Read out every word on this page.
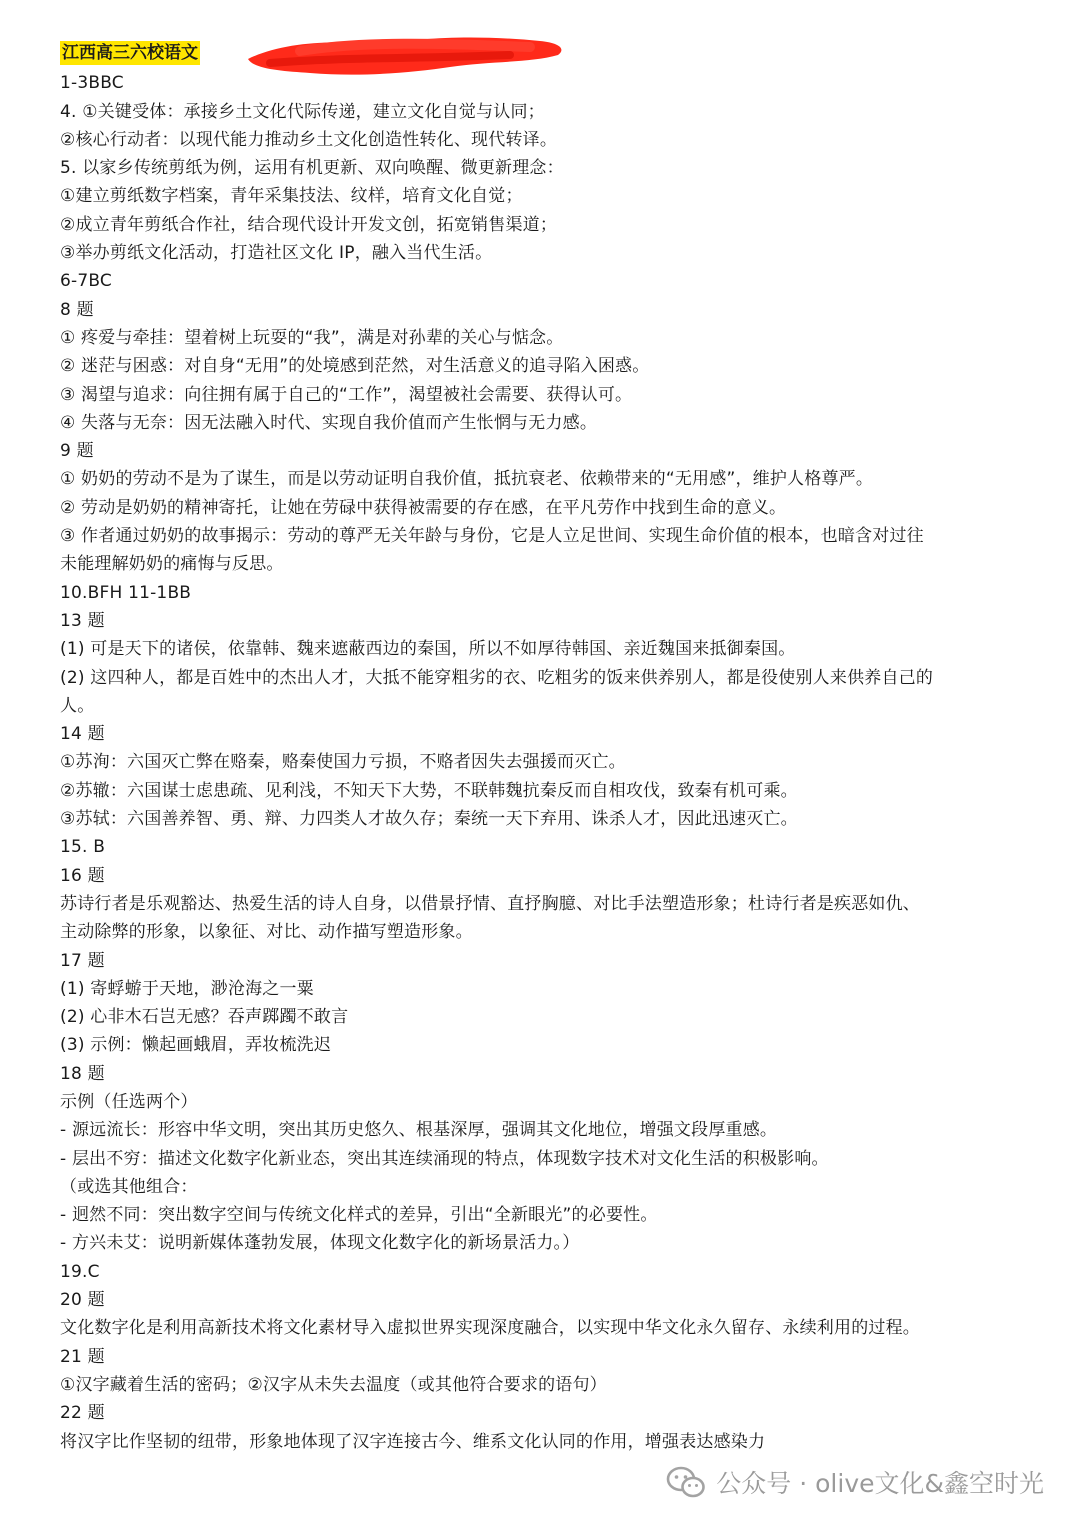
江西高三六校语文
1-3BBC
4. ①关键受体：承接乡土文化代际传递，建立文化自觉与认同；
②核心行动者：以现代能力推动乡土文化创造性转化、现代转译。
5. 以家乡传统剪纸为例，运用有机更新、双向唤醒、微更新理念：
①建立剪纸数字档案，青年采集技法、纹样，培育文化自觉；
②成立青年剪纸合作社，结合现代设计开发文创，拓宽销售渠道；
③举办剪纸文化活动，打造社区文化 IP，融入当代生活。
6-7BC
8 题
① 疼爱与牵挂：望着树上玩耍的“我”，满是对孙辈的关心与惦念。
② 迷茫与困惑：对自身“无用”的处境感到茫然，对生活意义的追寻陷入困惑。
③ 渴望与追求：向往拥有属于自己的“工作”，渴望被社会需要、获得认可。
④ 失落与无奈：因无法融入时代、实现自我价值而产生怅惘与无力感。
9 题
① 奶奶的劳动不是为了谋生，而是以劳动证明自我价值，抵抗衰老、依赖带来的“无用感”，维护人格尊严。
② 劳动是奶奶的精神寄托，让她在劳碌中获得被需要的存在感，在平凡劳作中找到生命的意义。
③ 作者通过奶奶的故事揭示：劳动的尊严无关年龄与身份，它是人立足世间、实现生命价值的根本，也暗含对过往
未能理解奶奶的痛悔与反思。
10.BFH 11-1BB
13 题
(1) 可是天下的诸侯，依靠韩、魏来遮蔽西边的秦国，所以不如厚待韩国、亲近魏国来抵御秦国。
(2) 这四种人，都是百姓中的杰出人才，大抵不能穿粗劣的衣、吃粗劣的饭来供养别人，都是役使别人来供养自己的
人。
14 题
①苏洵：六国灭亡弊在赂秦，赂秦使国力亏损，不赂者因失去强援而灭亡。
②苏辙：六国谋士虑患疏、见利浅，不知天下大势，不联韩魏抗秦反而自相攻伐，致秦有机可乘。
③苏轼：六国善养智、勇、辩、力四类人才故久存；秦统一天下弃用、诛杀人才，因此迅速灭亡。
15. B
16 题
苏诗行者是乐观豁达、热爱生活的诗人自身，以借景抒情、直抒胸臆、对比手法塑造形象；杜诗行者是疾恶如仇、
主动除弊的形象，以象征、对比、动作描写塑造形象。
17 题
(1) 寄蜉蝣于天地，渺沧海之一粟
(2) 心非木石岂无感？吞声踯躅不敢言
(3) 示例：懒起画蛾眉，弄妆梳洗迟
18 题
示例（任选两个）
- 源远流长：形容中华文明，突出其历史悠久、根基深厚，强调其文化地位，增强文段厚重感。
- 层出不穷：描述文化数字化新业态，突出其连续涌现的特点，体现数字技术对文化生活的积极影响。
（或选其他组合：
- 迥然不同：突出数字空间与传统文化样式的差异，引出“全新眼光”的必要性。
- 方兴未艾：说明新媒体蓬勃发展，体现文化数字化的新场景活力。）
19.C
20 题
文化数字化是利用高新技术将文化素材导入虚拟世界实现深度融合，以实现中华文化永久留存、永续利用的过程。
21 题
①汉字藏着生活的密码；②汉字从未失去温度（或其他符合要求的语句）
22 题
将汉字比作坚韧的纽带，形象地体现了汉字连接古今、维系文化认同的作用，增强表达感染力
公众号 · olive文化&鑫空时光
